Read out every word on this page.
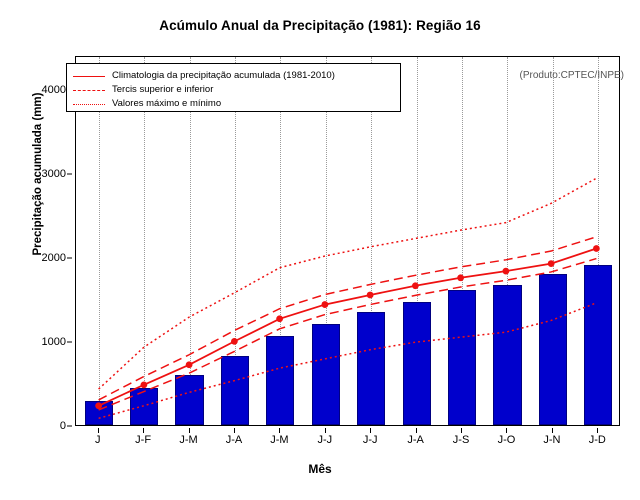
Acúmulo Anual da Precipitação (1981): Região 16
Precipitação acumulada (mm)
0
1000
2000
3000
4000
J	J-F	J-M	J-A	J-M	J-J	J-J	J-A	J-S	J-O	J-N	J-D
Mês
Climatologia da precipitação acumulada (1981-2010)
Tercis superior e inferior
Valores máximo e mínimo
(Produto:CPTEC/INPE)
